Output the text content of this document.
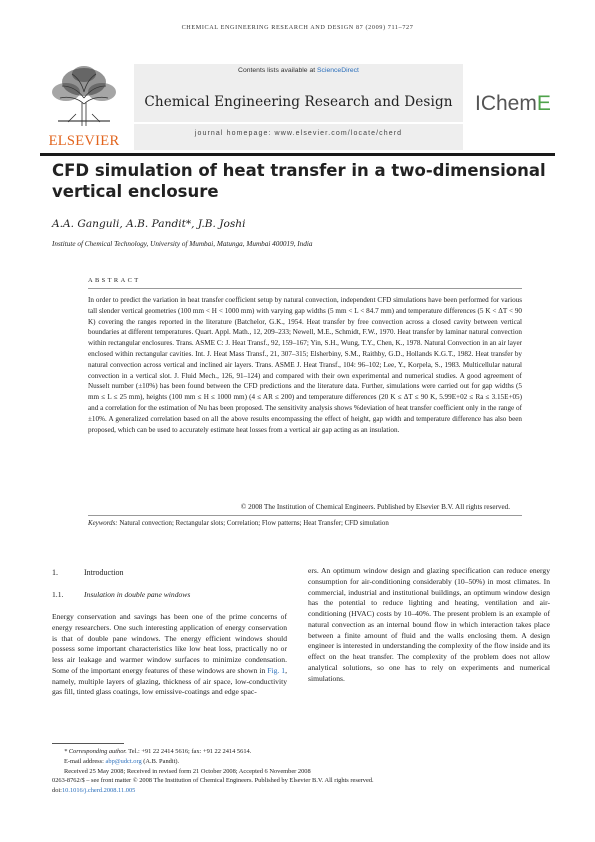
CHEMICAL ENGINEERING RESEARCH AND DESIGN 87 (2009) 711–727
ELSEVIER
Contents lists available at ScienceDirect
Chemical Engineering Research and Design
journal homepage: www.elsevier.com/locate/cherd
IChemE
CFD simulation of heat transfer in a two-dimensional vertical enclosure
A.A. Ganguli, A.B. Pandit*, J.B. Joshi
Institute of Chemical Technology, University of Mumbai, Matunga, Mumbai 400019, India
ABSTRACT
In order to predict the variation in heat transfer coefficient setup by natural convection, independent CFD simulations have been performed for various tall slender vertical geometries (100 mm < H < 1000 mm) with varying gap widths (5 mm < L < 84.7 mm) and temperature differences (5 K < ΔT < 90 K) covering the ranges reported in the literature (Batchelor, G.K., 1954. Heat transfer by free convection across a closed cavity between vertical boundaries at different temperatures. Quart. Appl. Math., 12, 209–233; Newell, M.E., Schmidt, F.W., 1970. Heat transfer by laminar natural convection within rectangular enclosures. Trans. ASME C: J. Heat Transf., 92, 159–167; Yin, S.H., Wung, T.Y., Chen, K., 1978. Natural Convection in an air layer enclosed within rectangular cavities. Int. J. Heat Mass Transf., 21, 307–315; Elsherbiny, S.M., Raithby, G.D., Hollands K.G.T., 1982. Heat transfer by natural convection across vertical and inclined air layers. Trans. ASME J. Heat Transf., 104: 96–102; Lee, Y., Korpela, S., 1983. Multicellular natural convection in a vertical slot. J. Fluid Mech., 126, 91–124) and compared with their own experimental and numerical studies. A good agreement of Nusselt number (±10%) has been found between the CFD predictions and the literature data. Further, simulations were carried out for gap widths (5 mm ≤ L ≤ 25 mm), heights (100 mm ≤ H ≤ 1000 mm) (4 ≤ AR ≤ 200) and temperature differences (20 K ≤ ΔT ≤ 90 K, 5.99E+02 ≤ Ra ≤ 3.15E+05) and a correlation for the estimation of Nu has been proposed. The sensitivity analysis shows %deviation of heat transfer coefficient only in the range of ±10%. A generalized correlation based on all the above results encompassing the effect of height, gap width and temperature difference has also been proposed, which can be used to accurately estimate heat losses from a vertical air gap acting as an insulation.
© 2008 The Institution of Chemical Engineers. Published by Elsevier B.V. All rights reserved.
Keywords: Natural convection; Rectangular slots; Correlation; Flow patterns; Heat Transfer; CFD simulation
1.	Introduction
1.1.	Insulation in double pane windows
Energy conservation and savings has been one of the prime concerns of energy researchers. One such interesting application of energy conservation is that of double pane windows. The energy efficient windows should possess some important characteristics like low heat loss, practically no or less air leakage and warmer window surfaces to minimize condensation. Some of the important energy features of these windows are shown in Fig. 1, namely, multiple layers of glazing, thickness of air space, low-conductivity gas fill, tinted glass coatings, low emissive-coatings and edge spac-
ers. An optimum window design and glazing specification can reduce energy consumption for air-conditioning considerably (10–50%) in most climates. In commercial, industrial and institutional buildings, an optimum window design has the potential to reduce lighting and heating, ventilation and air-conditioning (HVAC) costs by 10–40%. The present problem is an example of natural convection as an internal bound flow in which interaction takes place between a finite amount of fluid and the walls enclosing them. A design engineer is interested in understanding the complexity of the flow inside and its effect on the heat transfer. The complexity of the problem does not allow analytical solutions, so one has to rely on experiments and numerical simulations.
* Corresponding author. Tel.: +91 22 2414 5616; fax: +91 22 2414 5614.
E-mail address: abp@udct.org (A.B. Pandit).
Received 25 May 2008; Received in revised form 21 October 2008; Accepted 6 November 2008
0263-8762/$ – see front matter © 2008 The Institution of Chemical Engineers. Published by Elsevier B.V. All rights reserved.
doi:10.1016/j.cherd.2008.11.005
